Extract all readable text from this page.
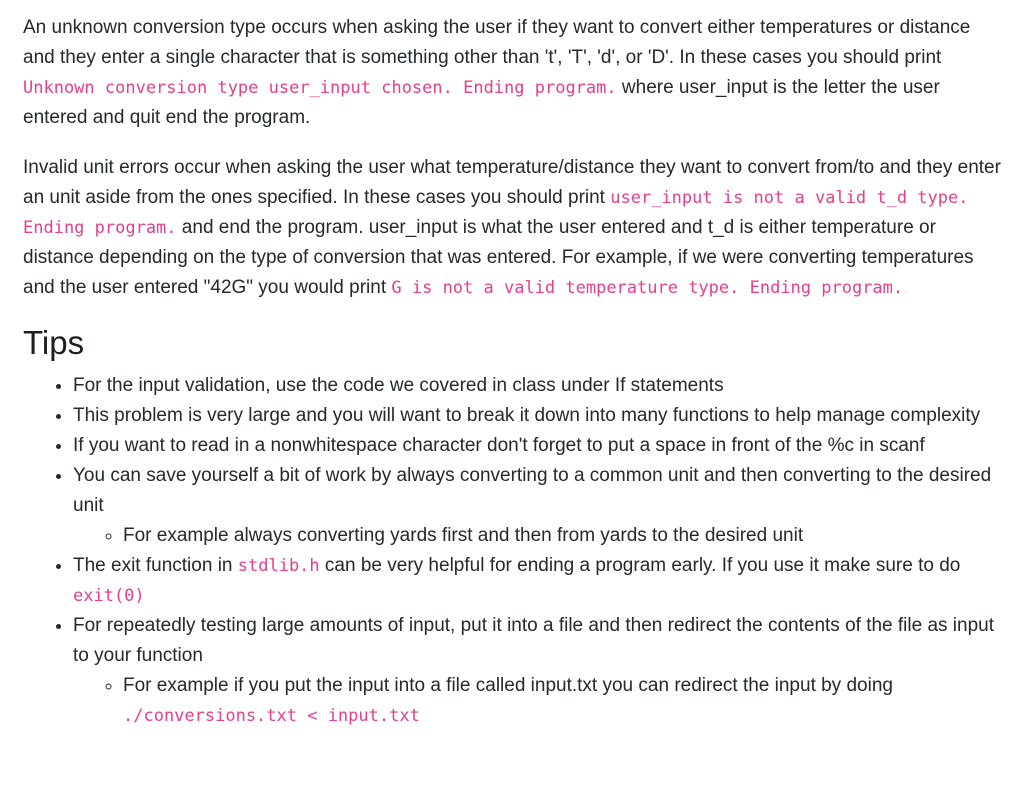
An unknown conversion type occurs when asking the user if they want to convert either temperatures or distance and they enter a single character that is something other than 't', 'T', 'd', or 'D'. In these cases you should print Unknown conversion type user_input chosen. Ending program. where user_input is the letter the user entered and quit end the program.

Invalid unit errors occur when asking the user what temperature/distance they want to convert from/to and they enter an unit aside from the ones specified. In these cases you should print user_input is not a valid t_d type. Ending program. and end the program. user_input is what the user entered and t_d is either temperature or distance depending on the type of conversion that was entered. For example, if we were converting temperatures and the user entered "42G" you would print G is not a valid temperature type. Ending program.

Tips
• For the input validation, use the code we covered in class under If statements
• This problem is very large and you will want to break it down into many functions to help manage complexity
• If you want to read in a nonwhitespace character don't forget to put a space in front of the %c in scanf
• You can save yourself a bit of work by always converting to a common unit and then converting to the desired unit
◦ For example always converting yards first and then from yards to the desired unit
• The exit function in stdlib.h can be very helpful for ending a program early. If you use it make sure to do exit(0)
• For repeatedly testing large amounts of input, put it into a file and then redirect the contents of the file as input to your function
◦ For example if you put the input into a file called input.txt you can redirect the input by doing ./conversions.txt < input.txt
